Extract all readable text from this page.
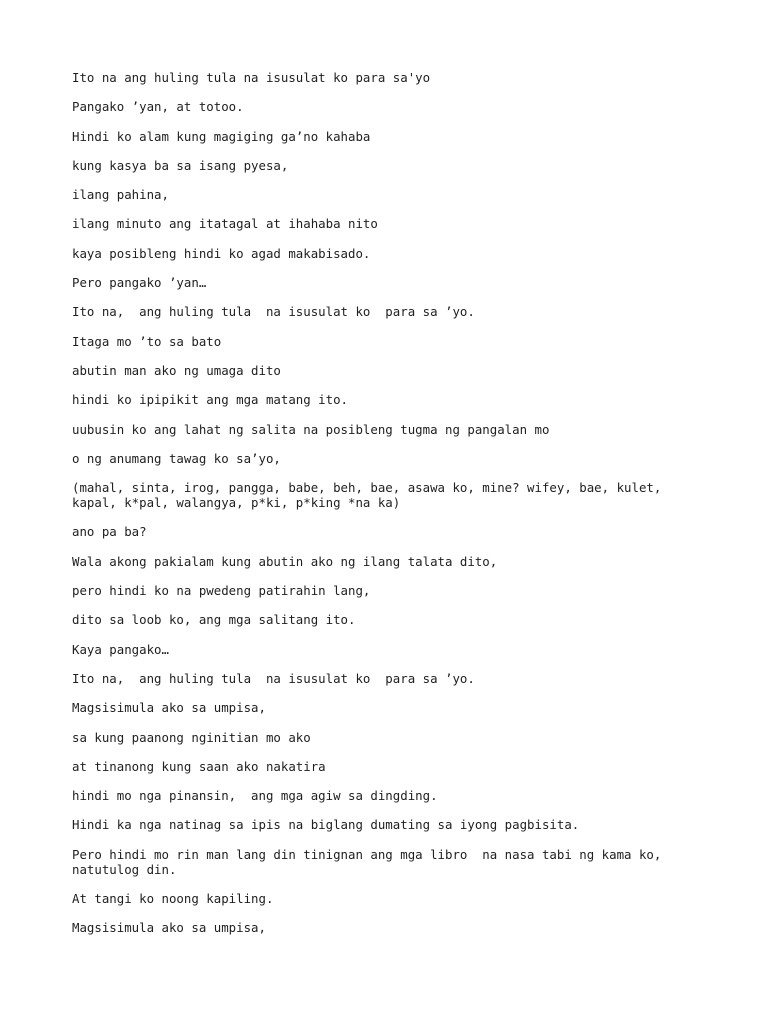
Ito na ang huling tula na isusulat ko para sa'yo
Pangako ’yan, at totoo.
Hindi ko alam kung magiging ga’no kahaba
kung kasya ba sa isang pyesa,
ilang pahina,
ilang minuto ang itatagal at ihahaba nito
kaya posibleng hindi ko agad makabisado.
Pero pangako ’yan…
Ito na,  ang huling tula  na isusulat ko  para sa ’yo.
Itaga mo ’to sa bato
abutin man ako ng umaga dito
hindi ko ipipikit ang mga matang ito.
uubusin ko ang lahat ng salita na posibleng tugma ng pangalan mo
o ng anumang tawag ko sa’yo,
(mahal, sinta, irog, pangga, babe, beh, bae, asawa ko, mine? wifey, bae, kulet, kapal, k*pal, walangya, p*ki, p*king *na ka)
ano pa ba?
Wala akong pakialam kung abutin ako ng ilang talata dito,
pero hindi ko na pwedeng patirahin lang,
dito sa loob ko, ang mga salitang ito.
Kaya pangako…
Ito na,  ang huling tula  na isusulat ko  para sa ’yo.
Magsisimula ako sa umpisa,
sa kung paanong nginitian mo ako
at tinanong kung saan ako nakatira
hindi mo nga pinansin,  ang mga agiw sa dingding.
Hindi ka nga natinag sa ipis na biglang dumating sa iyong pagbisita.
Pero hindi mo rin man lang din tinignan ang mga libro  na nasa tabi ng kama ko, natutulog din.
At tangi ko noong kapiling.
Magsisimula ako sa umpisa,
